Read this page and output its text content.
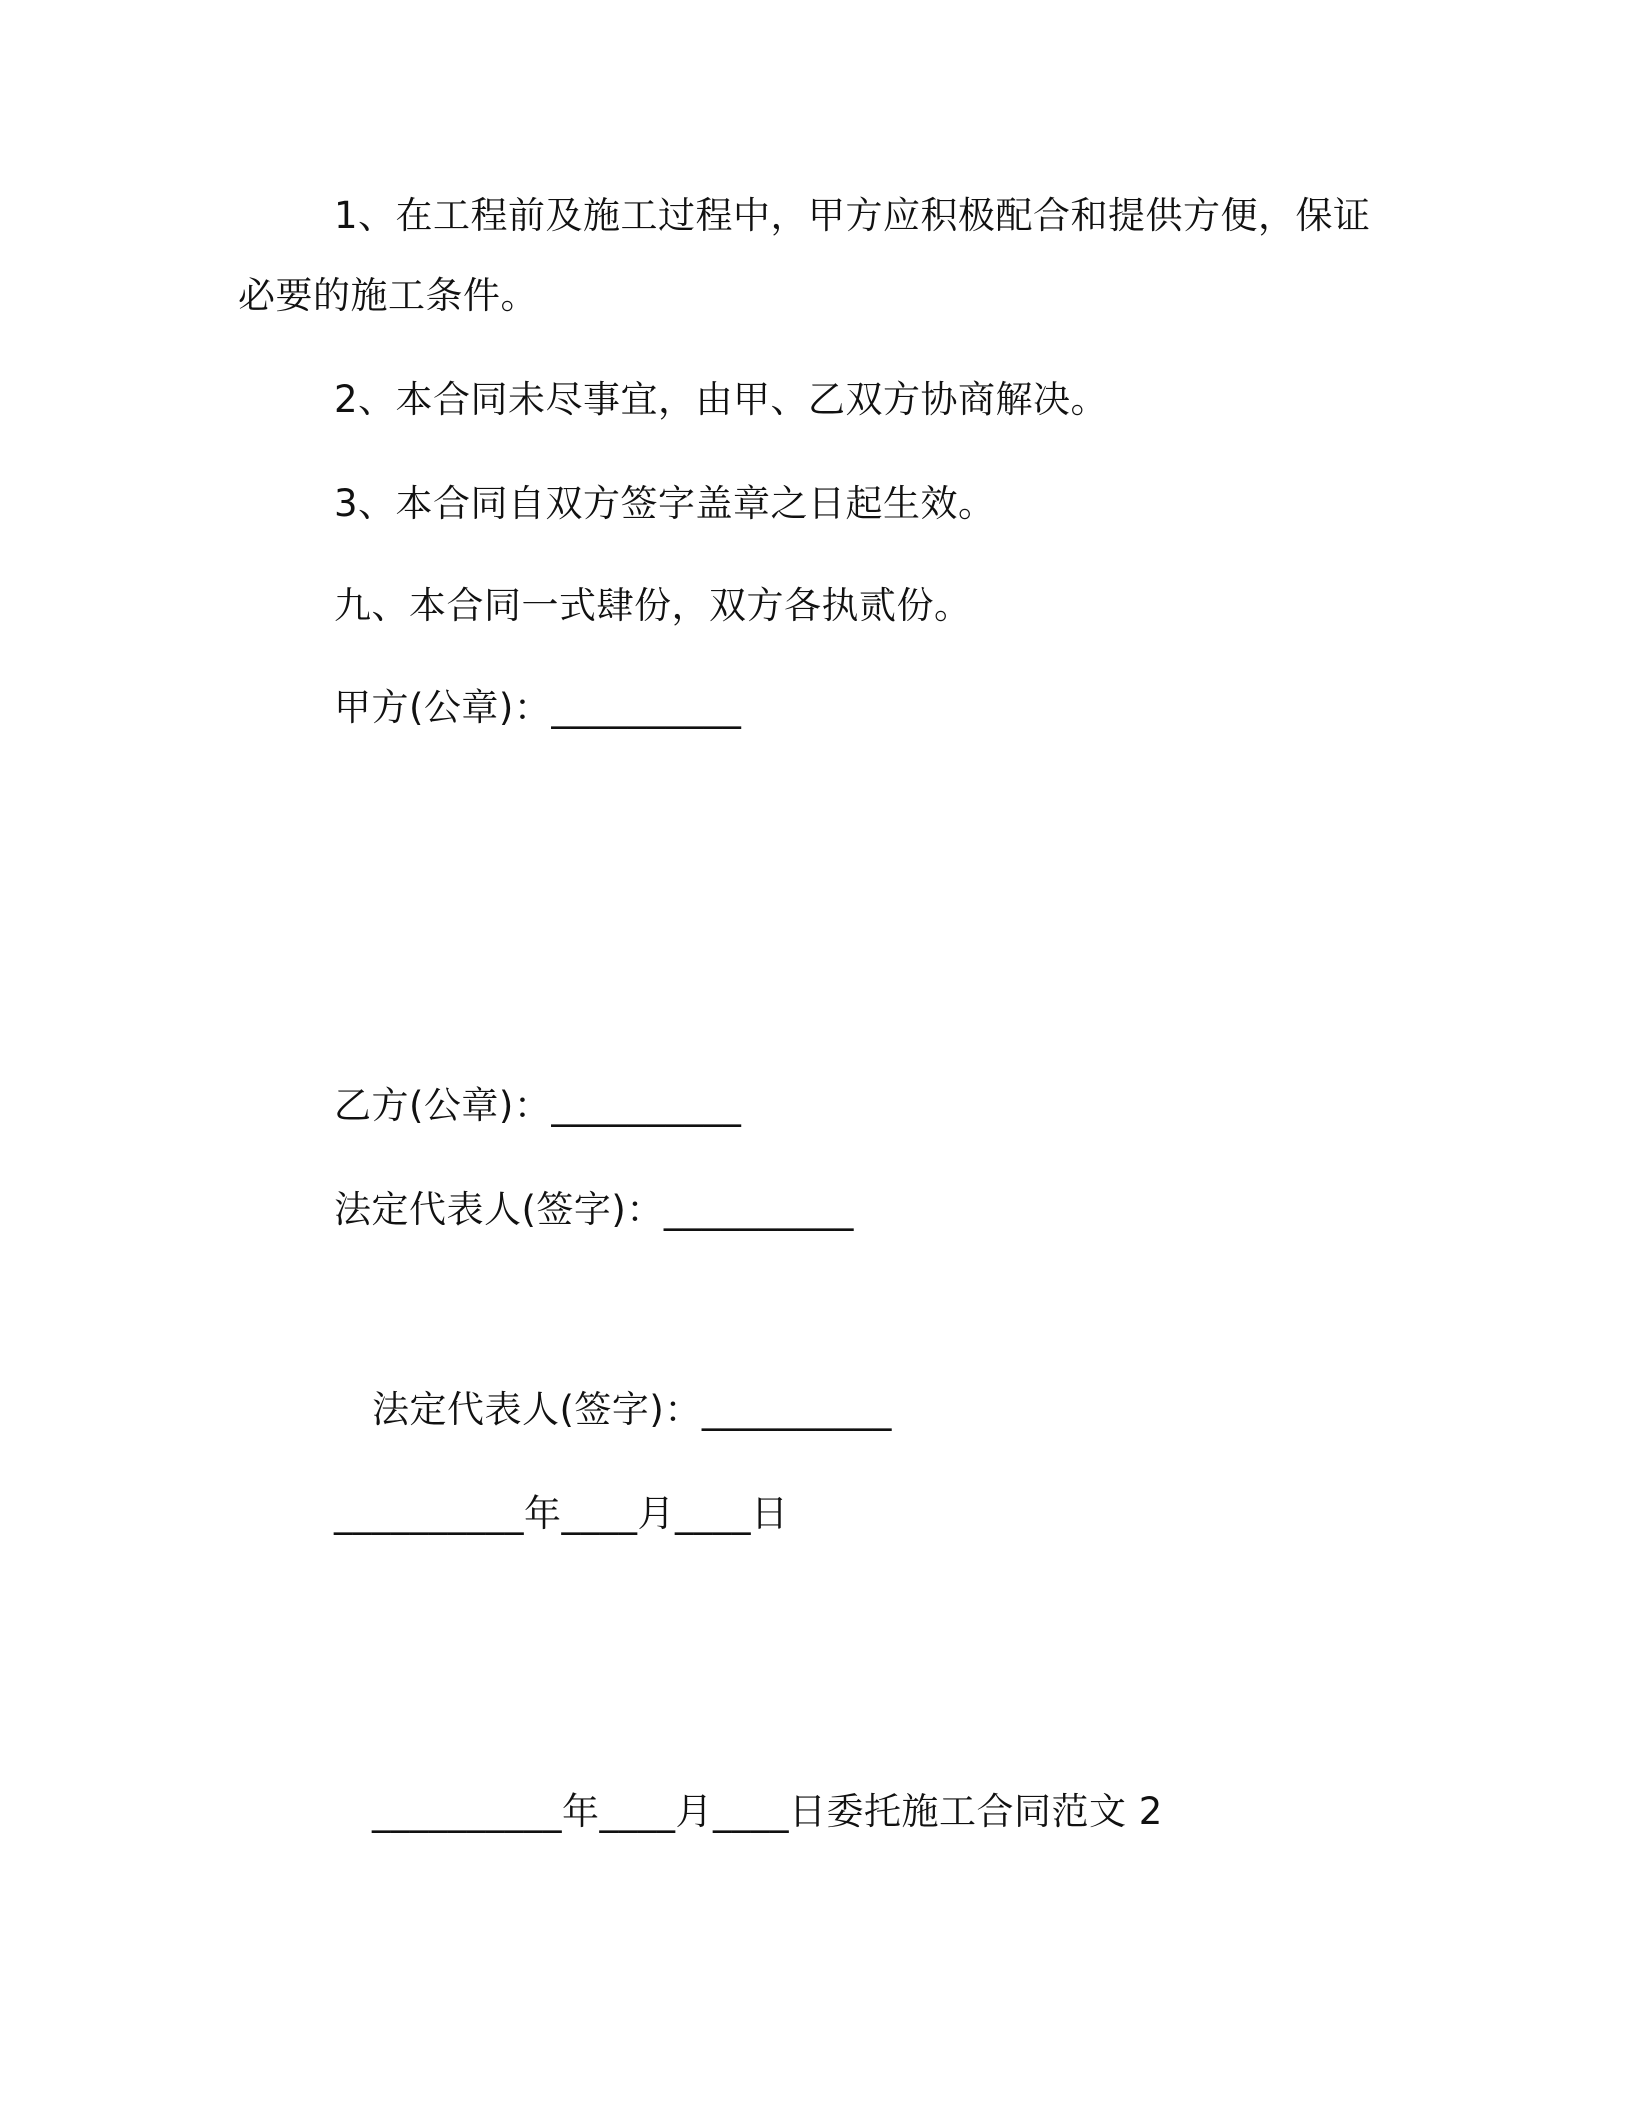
1、在工程前及施工过程中，甲方应积极配合和提供方便，保证
必要的施工条件。
2、本合同未尽事宜，由甲、乙双方协商解决。
3、本合同自双方签字盖章之日起生效。
九、本合同一式肆份，双方各执贰份。
甲方(公章)：__________
乙方(公章)：__________
法定代表人(签字)：__________
法定代表人(签字)：__________
__________年____月____日
__________年____月____日委托施工合同范文 2
